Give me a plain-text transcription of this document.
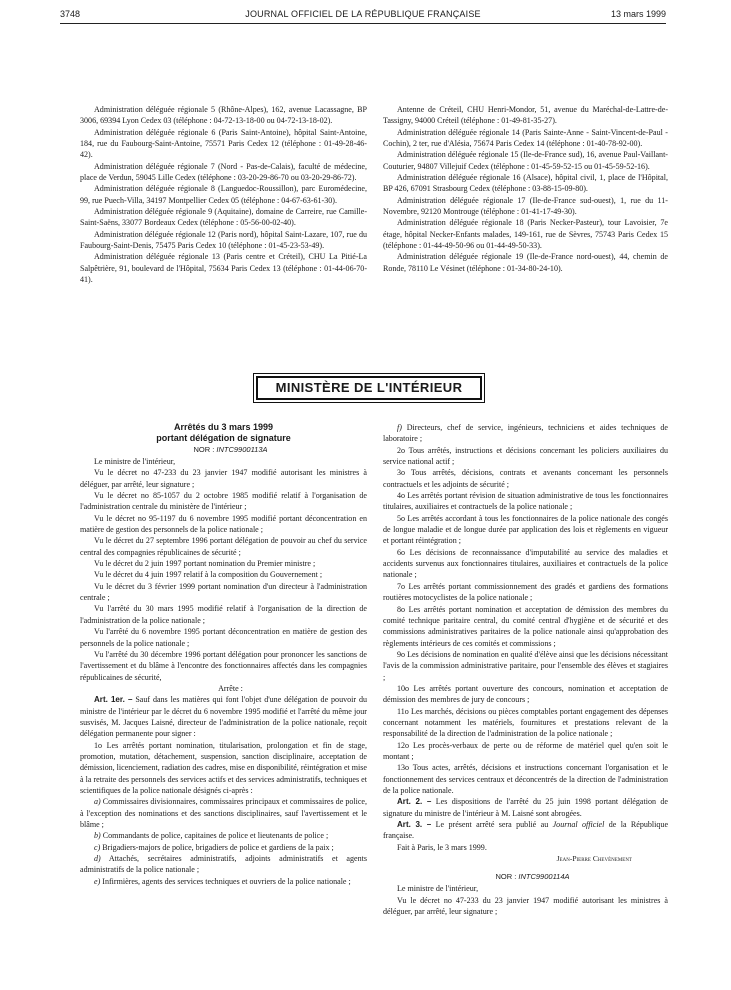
3748	JOURNAL OFFICIEL DE LA RÉPUBLIQUE FRANÇAISE	13 mars 1999

Administration déléguée régionale 5 (Rhône-Alpes), 162, avenue Lacassagne, BP 3006, 69394 Lyon Cedex 03 (téléphone : 04-72-13-18-00 ou 04-72-13-18-02).

Administration déléguée régionale 6 (Paris Saint-Antoine), hôpital Saint-Antoine, 184, rue du Faubourg-Saint-Antoine, 75571 Paris Cedex 12 (téléphone : 01-49-28-46-42).

Administration déléguée régionale 7 (Nord - Pas-de-Calais), faculté de médecine, place de Verdun, 59045 Lille Cedex (téléphone : 03-20-29-86-70 ou 03-20-29-86-72).

Administration déléguée régionale 8 (Languedoc-Roussillon), parc Euromédecine, 99, rue Puech-Villa, 34197 Montpellier Cedex 05 (téléphone : 04-67-63-61-30).

Administration déléguée régionale 9 (Aquitaine), domaine de Carreire, rue Camille-Saint-Saëns, 33077 Bordeaux Cedex (téléphone : 05-56-00-02-40).

Administration déléguée régionale 12 (Paris nord), hôpital Saint-Lazare, 107, rue du Faubourg-Saint-Denis, 75475 Paris Cedex 10 (téléphone : 01-45-23-53-49).

Administration déléguée régionale 13 (Paris centre et Créteil), CHU La Pitié-La Salpêtrière, 91, boulevard de l'Hôpital, 75634 Paris Cedex 13 (téléphone : 01-44-06-70-41).

Antenne de Créteil, CHU Henri-Mondor, 51, avenue du Maréchal-de-Lattre-de-Tassigny, 94000 Créteil (téléphone : 01-49-81-35-27).

Administration déléguée régionale 14 (Paris Sainte-Anne - Saint-Vincent-de-Paul - Cochin), 2 ter, rue d'Alésia, 75674 Paris Cedex 14 (téléphone : 01-40-78-92-00).

Administration déléguée régionale 15 (Ile-de-France sud), 16, avenue Paul-Vaillant-Couturier, 94807 Villejuif Cedex (téléphone : 01-45-59-52-15 ou 01-45-59-52-16).

Administration déléguée régionale 16 (Alsace), hôpital civil, 1, place de l'Hôpital, BP 426, 67091 Strasbourg Cedex (téléphone : 03-88-15-09-80).

Administration déléguée régionale 17 (Ile-de-France sud-ouest), 1, rue du 11-Novembre, 92120 Montrouge (téléphone : 01-41-17-49-30).

Administration déléguée régionale 18 (Paris Necker-Pasteur), tour Lavoisier, 7e étage, hôpital Necker-Enfants malades, 149-161, rue de Sèvres, 75743 Paris Cedex 15 (téléphone : 01-44-49-50-96 ou 01-44-49-50-33).

Administration déléguée régionale 19 (Ile-de-France nord-ouest), 44, chemin de Ronde, 78110 Le Vésinet (téléphone : 01-34-80-24-10).

MINISTÈRE DE L'INTÉRIEUR
Arrêtés du 3 mars 1999
portant délégation de signature

NOR : INTC9900113A

Le ministre de l'intérieur,

Vu le décret no 47-233 du 23 janvier 1947 modifié autorisant les ministres à déléguer, par arrêté, leur signature ;

Vu le décret no 85-1057 du 2 octobre 1985 modifié relatif à l'organisation de l'administration centrale du ministère de l'intérieur ;

Vu le décret no 95-1197 du 6 novembre 1995 modifié portant déconcentration en matière de gestion des personnels de la police nationale ;

Vu le décret du 27 septembre 1996 portant délégation de pouvoir au chef du service central des compagnies républicaines de sécurité ;

Vu le décret du 2 juin 1997 portant nomination du Premier ministre ;

Vu le décret du 4 juin 1997 relatif à la composition du Gouvernement ;

Vu le décret du 3 février 1999 portant nomination d'un directeur à l'administration centrale ;

Vu l'arrêté du 30 mars 1995 modifié relatif à l'organisation de la direction de l'administration de la police nationale ;

Vu l'arrêté du 6 novembre 1995 portant déconcentration en matière de gestion des personnels de la police nationale ;

Vu l'arrêté du 30 décembre 1996 portant délégation pour prononcer les sanctions de l'avertissement et du blâme à l'encontre des fonctionnaires affectés dans les compagnies républicaines de sécurité,

Arrête :

Art. 1er. – Sauf dans les matières qui font l'objet d'une délégation de pouvoir du ministre de l'intérieur par le décret du 6 novembre 1995 modifié et l'arrêté du même jour susvisés, M. Jacques Laisné, directeur de l'administration de la police nationale, reçoit délégation permanente pour signer :

1o Les arrêtés portant nomination, titularisation, prolongation et fin de stage, promotion, mutation, détachement, suspension, sanction disciplinaire, acceptation de démission, licenciement, radiation des cadres, mise en disponibilité, réintégration et mise à la retraite des personnels des services actifs et des services administratifs, techniques et scientifiques de la police nationale désignés ci-après :

a) Commissaires divisionnaires, commissaires principaux et commissaires de police, à l'exception des nominations et des sanctions disciplinaires, sauf l'avertissement et le blâme ;

b) Commandants de police, capitaines de police et lieutenants de police ;

c) Brigadiers-majors de police, brigadiers de police et gardiens de la paix ;

d) Attachés, secrétaires administratifs, adjoints administratifs et agents administratifs de la police nationale ;

e) Infirmières, agents des services techniques et ouvriers de la police nationale ;

f) Directeurs, chef de service, ingénieurs, techniciens et aides techniques de laboratoire ;

2o Tous arrêtés, instructions et décisions concernant les policiers auxiliaires du service national actif ;

3o Tous arrêtés, décisions, contrats et avenants concernant les personnels contractuels et les adjoints de sécurité ;

4o Les arrêtés portant révision de situation administrative de tous les fonctionnaires titulaires, auxiliaires et contractuels de la police nationale ;

5o Les arrêtés accordant à tous les fonctionnaires de la police nationale des congés de longue maladie et de longue durée par application des lois et règlements en vigueur et portant réintégration ;

6o Les décisions de reconnaissance d'imputabilité au service des maladies et accidents survenus aux fonctionnaires titulaires, auxiliaires et contractuels de la police nationale ;

7o Les arrêtés portant commissionnement des gradés et gardiens des formations routières motocyclistes de la police nationale ;

8o Les arrêtés portant nomination et acceptation de démission des membres du comité technique paritaire central, du comité central d'hygiène et de sécurité et des commissions administratives paritaires de la police nationale ainsi qu'approbation des règlements intérieurs de ces comités et commissions ;

9o Les décisions de nomination en qualité d'élève ainsi que les décisions nécessitant l'avis de la commission administrative paritaire, pour l'ensemble des élèves et stagiaires ;

10o Les arrêtés portant ouverture des concours, nomination et acceptation de démission des membres de jury de concours ;

11o Les marchés, décisions ou pièces comptables portant engagement des dépenses concernant notamment les matériels, fournitures et prestations relevant de la responsabilité de la direction de l'administration de la police nationale ;

12o Les procès-verbaux de perte ou de réforme de matériel quel qu'en soit le montant ;

13o Tous actes, arrêtés, décisions et instructions concernant l'organisation et le fonctionnement des services centraux et déconcentrés de la direction de l'administration de la police nationale.

Art. 2. – Les dispositions de l'arrêté du 25 juin 1998 portant délégation de signature du ministre de l'intérieur à M. Laisné sont abrogées.

Art. 3. – Le présent arrêté sera publié au Journal officiel de la République française.

Fait à Paris, le 3 mars 1999.

Jean-Pierre Chevènement

NOR : INTC9900114A

Le ministre de l'intérieur,

Vu le décret no 47-233 du 23 janvier 1947 modifié autorisant les ministres à déléguer, par arrêté, leur signature ;
